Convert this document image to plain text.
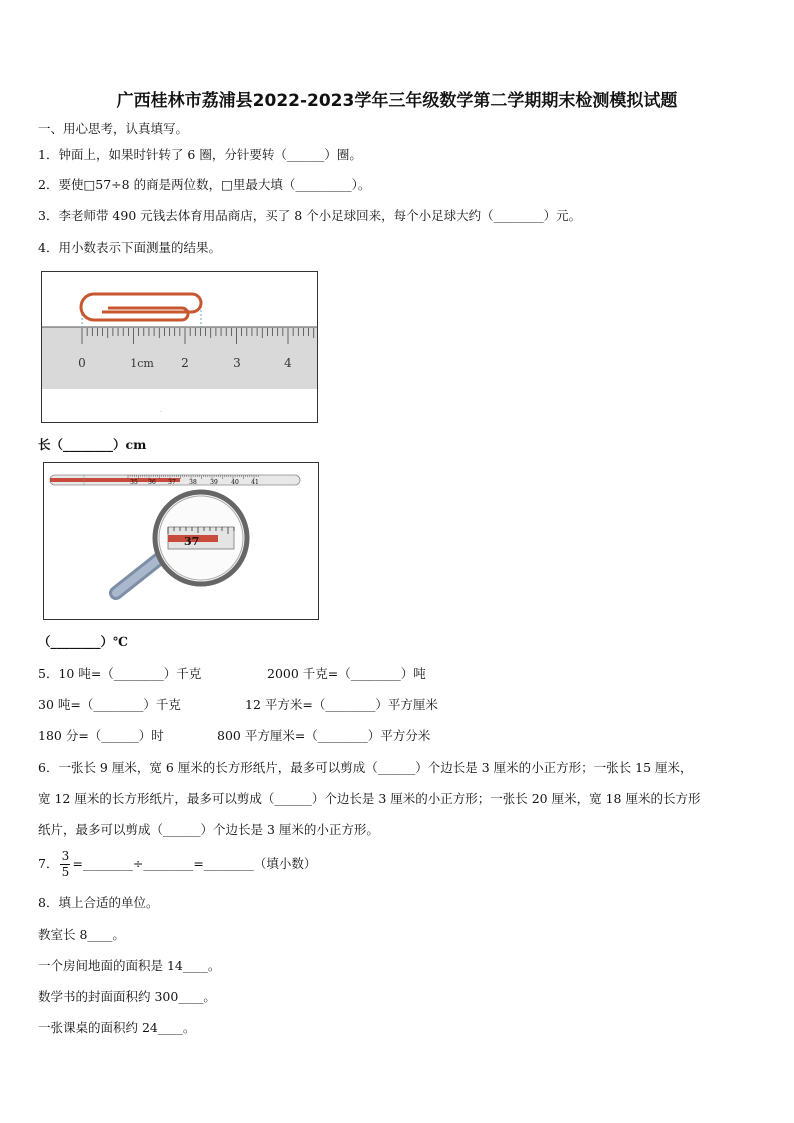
广西桂林市荔浦县2022-2023学年三年级数学第二学期期末检测模拟试题
一、用心思考，认真填写。
1．钟面上，如果时针转了 6 圈，分针要转（______）圈。
2．要使□57÷8 的商是两位数，□里最大填（_________）。
3．李老师带 490 元钱去体育用品商店，买了 8 个小足球回来，每个小足球大约（________）元。
4．用小数表示下面测量的结果。
0	1cm 2	3	4
·
长（________）cm
35 36 37 38 39 40 41
37
（________）℃
5．10 吨=（________）千克	2000 千克=（________）吨
30 吨=（________）千克	12 平方米=（________）平方厘米
180 分=（______）时	800 平方厘米=（________）平方分米
6．一张长 9 厘米，宽 6 厘米的长方形纸片，最多可以剪成（______）个边长是 3 厘米的小正方形；一张长 15 厘米，
宽 12 厘米的长方形纸片，最多可以剪成（______）个边长是 3 厘米的小正方形；一张长 20 厘米，宽 18 厘米的长方形
纸片，最多可以剪成（______）个边长是 3 厘米的小正方形。
7． $\frac{3}{5}$ =________÷________=________（填小数）
8．填上合适的单位。
教室长 8____。
一个房间地面的面积是 14____。
数学书的封面面积约 300____。
一张课桌的面积约 24____。
